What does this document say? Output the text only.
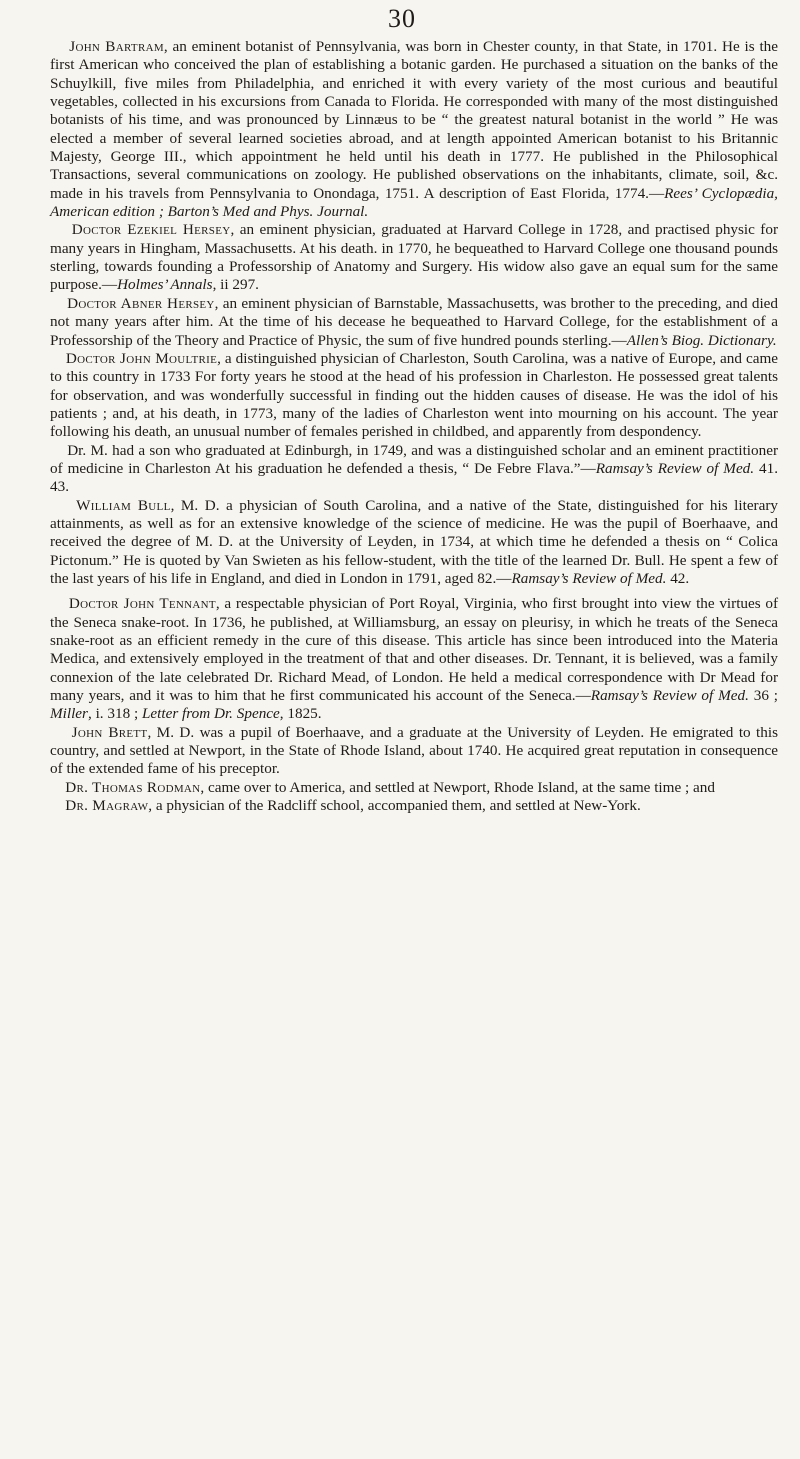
30

John Bartram, an eminent botanist of Pennsylvania, was born in Chester county, in that State, in 1701. He is the first American who conceived the plan of establishing a botanic garden. He purchased a situation on the banks of the Schuylkill, five miles from Philadelphia, and enriched it with every variety of the most curious and beautiful vegetables, collected in his excursions from Canada to Florida. He corresponded with many of the most distinguished botanists of his time, and was pronounced by Linnæus to be “ the greatest natural botanist in the world ” He was elected a member of several learned societies abroad, and at length appointed American botanist to his Britannic Majesty, George III., which appointment he held until his death in 1777. He published in the Philosophical Transactions, several communications on zoology. He published observations on the inhabitants, climate, soil, &c. made in his travels from Pennsylvania to Onondaga, 1751. A description of East Florida, 1774.—Rees’ Cyclopædia, American edition ; Barton’s Med and Phys. Journal.

Doctor Ezekiel Hersey, an eminent physician, graduated at Harvard College in 1728, and practised physic for many years in Hingham, Massachusetts. At his death. in 1770, he bequeathed to Harvard College one thousand pounds sterling, towards founding a Professorship of Anatomy and Surgery. His widow also gave an equal sum for the same purpose.—Holmes’ Annals, ii 297.

Doctor Abner Hersey, an eminent physician of Barnstable, Massachusetts, was brother to the preceding, and died not many years after him. At the time of his decease he bequeathed to Harvard College, for the establishment of a Professorship of the Theory and Practice of Physic, the sum of five hundred pounds sterling.—Allen’s Biog. Dictionary.

Doctor John Moultrie, a distinguished physician of Charleston, South Carolina, was a native of Europe, and came to this country in 1733 For forty years he stood at the head of his profession in Charleston. He possessed great talents for observation, and was wonderfully successful in finding out the hidden causes of disease. He was the idol of his patients ; and, at his death, in 1773, many of the ladies of Charleston went into mourning on his account. The year following his death, an unusual number of females perished in childbed, and apparently from despondency.

Dr. M. had a son who graduated at Edinburgh, in 1749, and was a distinguished scholar and an eminent practitioner of medicine in Charleston At his graduation he defended a thesis, “ De Febre Flava.”—Ramsay’s Review of Med. 41. 43.

William Bull, M. D. a physician of South Carolina, and a native of the State, distinguished for his literary attainments, as well as for an extensive knowledge of the science of medicine. He was the pupil of Boerhaave, and received the degree of M. D. at the University of Leyden, in 1734, at which time he defended a thesis on “ Colica Pictonum.” He is quoted by Van Swieten as his fellow-student, with the title of the learned Dr. Bull. He spent a few of the last years of his life in England, and died in London in 1791, aged 82.—Ramsay’s Review of Med. 42.

Doctor John Tennant, a respectable physician of Port Royal, Virginia, who first brought into view the virtues of the Seneca snake-root. In 1736, he published, at Williamsburg, an essay on pleurisy, in which he treats of the Seneca snake-root as an efficient remedy in the cure of this disease. This article has since been introduced into the Materia Medica, and extensively employed in the treatment of that and other diseases. Dr. Tennant, it is believed, was a family connexion of the late celebrated Dr. Richard Mead, of London. He held a medical correspondence with Dr Mead for many years, and it was to him that he first communicated his account of the Seneca.—Ramsay’s Review of Med. 36 ; Miller, i. 318 ; Letter from Dr. Spence, 1825.

John Brett, M. D. was a pupil of Boerhaave, and a graduate at the University of Leyden. He emigrated to this country, and settled at Newport, in the State of Rhode Island, about 1740. He acquired great reputation in consequence of the extended fame of his preceptor.

Dr. Thomas Rodman, came over to America, and settled at Newport, Rhode Island, at the same time ; and

Dr. Magraw, a physician of the Radcliff school, accompanied them, and settled at New-York.
